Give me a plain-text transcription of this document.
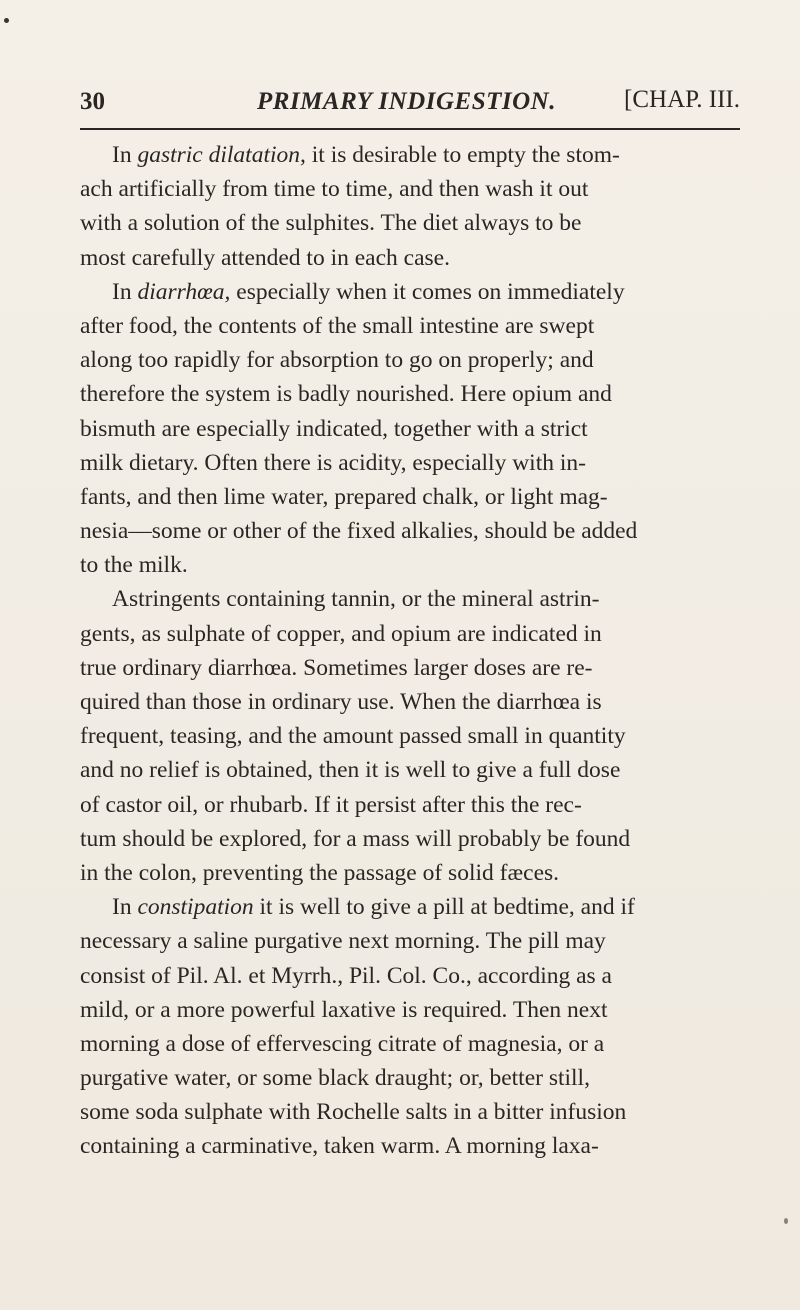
30	PRIMARY INDIGESTION.	[CHAP. III.
In gastric dilatation, it is desirable to empty the stom-
ach artificially from time to time, and then wash it out
with a solution of the sulphites. The diet always to be
most carefully attended to in each case.
In diarrhœa, especially when it comes on immediately
after food, the contents of the small intestine are swept
along too rapidly for absorption to go on properly; and
therefore the system is badly nourished. Here opium and
bismuth are especially indicated, together with a strict
milk dietary. Often there is acidity, especially with in-
fants, and then lime water, prepared chalk, or light mag-
nesia—some or other of the fixed alkalies, should be added
to the milk.
Astringents containing tannin, or the mineral astrin-
gents, as sulphate of copper, and opium are indicated in
true ordinary diarrhœa. Sometimes larger doses are re-
quired than those in ordinary use. When the diarrhœa is
frequent, teasing, and the amount passed small in quantity
and no relief is obtained, then it is well to give a full dose
of castor oil, or rhubarb. If it persist after this the rec-
tum should be explored, for a mass will probably be found
in the colon, preventing the passage of solid fæces.
In constipation it is well to give a pill at bedtime, and if
necessary a saline purgative next morning. The pill may
consist of Pil. Al. et Myrrh., Pil. Col. Co., according as a
mild, or a more powerful laxative is required. Then next
morning a dose of effervescing citrate of magnesia, or a
purgative water, or some black draught; or, better still,
some soda sulphate with Rochelle salts in a bitter infusion
containing a carminative, taken warm. A morning laxa-
